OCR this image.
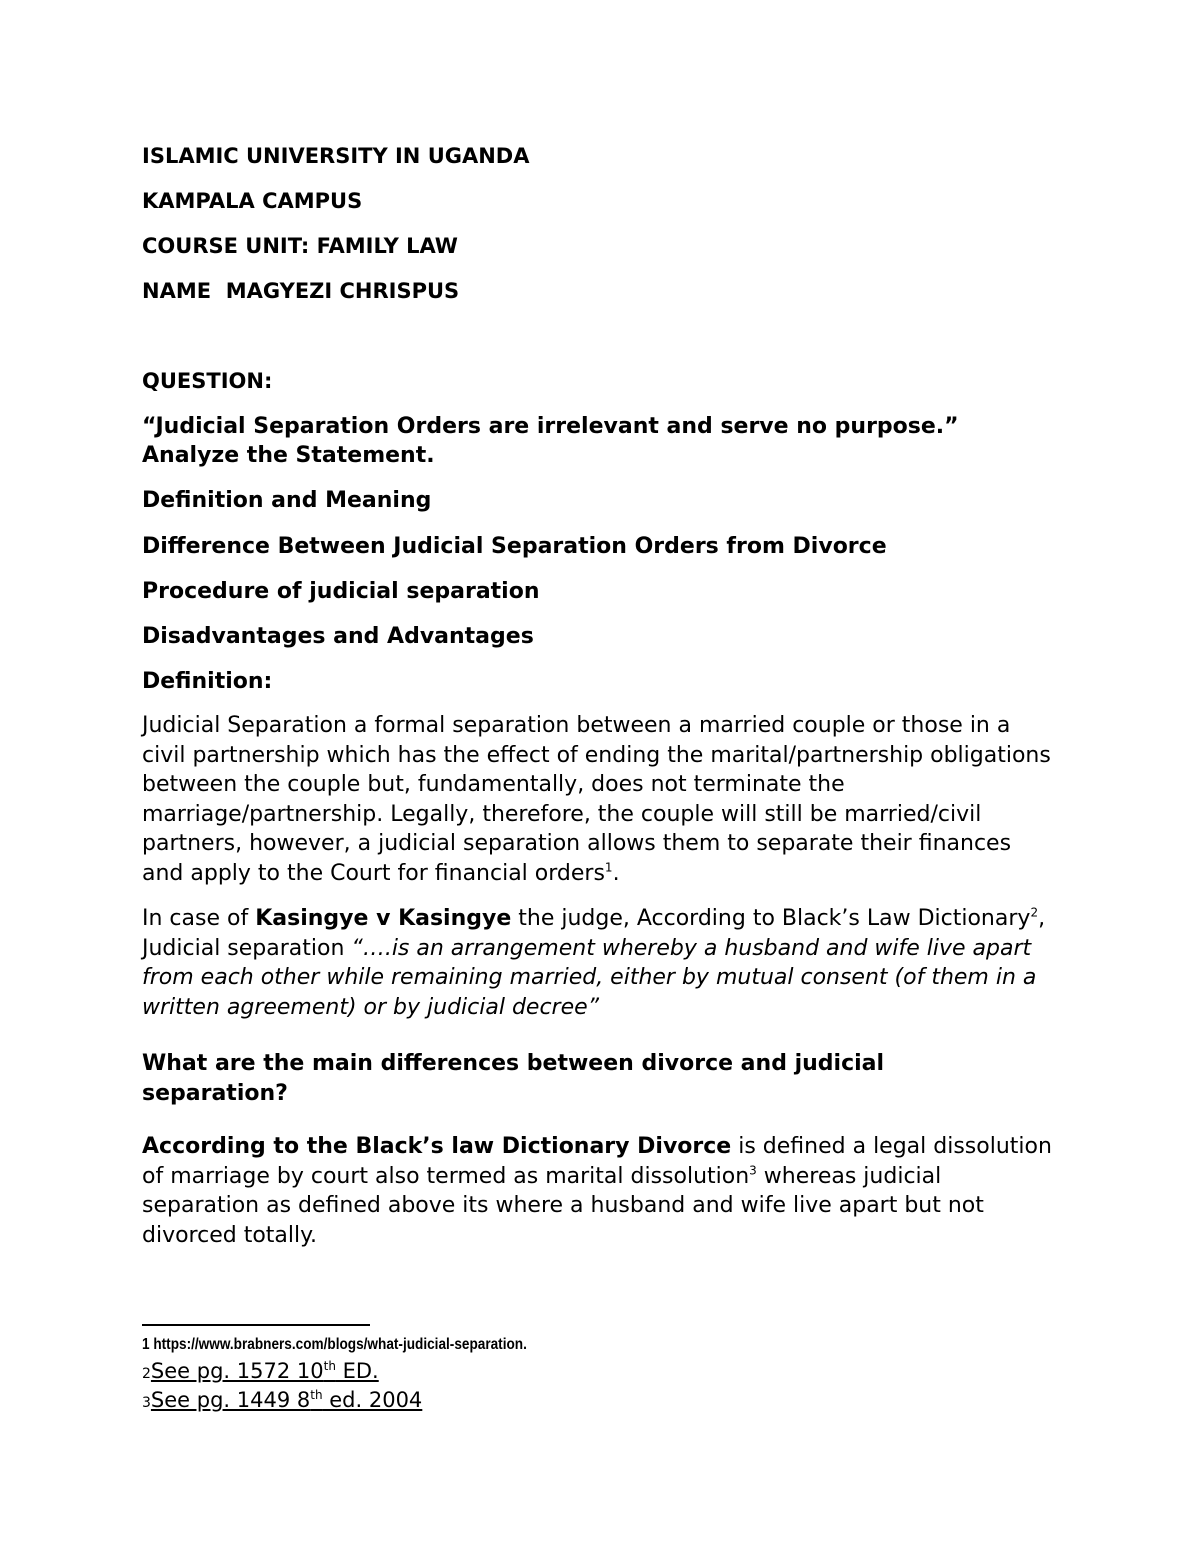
ISLAMIC UNIVERSITY IN UGANDA

KAMPALA CAMPUS

COURSE UNIT: FAMILY LAW

NAME  MAGYEZI CHRISPUS

QUESTION:

“Judicial Separation Orders are irrelevant and serve no purpose.” Analyze the Statement.

Definition and Meaning

Difference Between Judicial Separation Orders from Divorce

Procedure of judicial separation

Disadvantages and Advantages

Definition:

Judicial Separation a formal separation between a married couple or those in a civil partnership which has the effect of ending the marital/partnership obligations between the couple but, fundamentally, does not terminate the marriage/partnership. Legally, therefore, the couple will still be married/civil partners, however, a judicial separation allows them to separate their finances and apply to the Court for financial orders$^1$.

In case of Kasingye v Kasingye the judge, According to Black’s Law Dictionary$^2$, Judicial separation “….is an arrangement whereby a husband and wife live apart from each other while remaining married, either by mutual consent (of them in a written agreement) or by judicial decree”

What are the main differences between divorce and judicial separation?

According to the Black’s law Dictionary Divorce is defined a legal dissolution of marriage by court also termed as marital dissolution$^3$ whereas judicial separation as defined above its where a husband and wife live apart but not divorced totally.

1 https://www.brabners.com/blogs/what-judicial-separation.
2See pg. 1572 10th ED.
3See pg. 1449 8th ed. 2004
